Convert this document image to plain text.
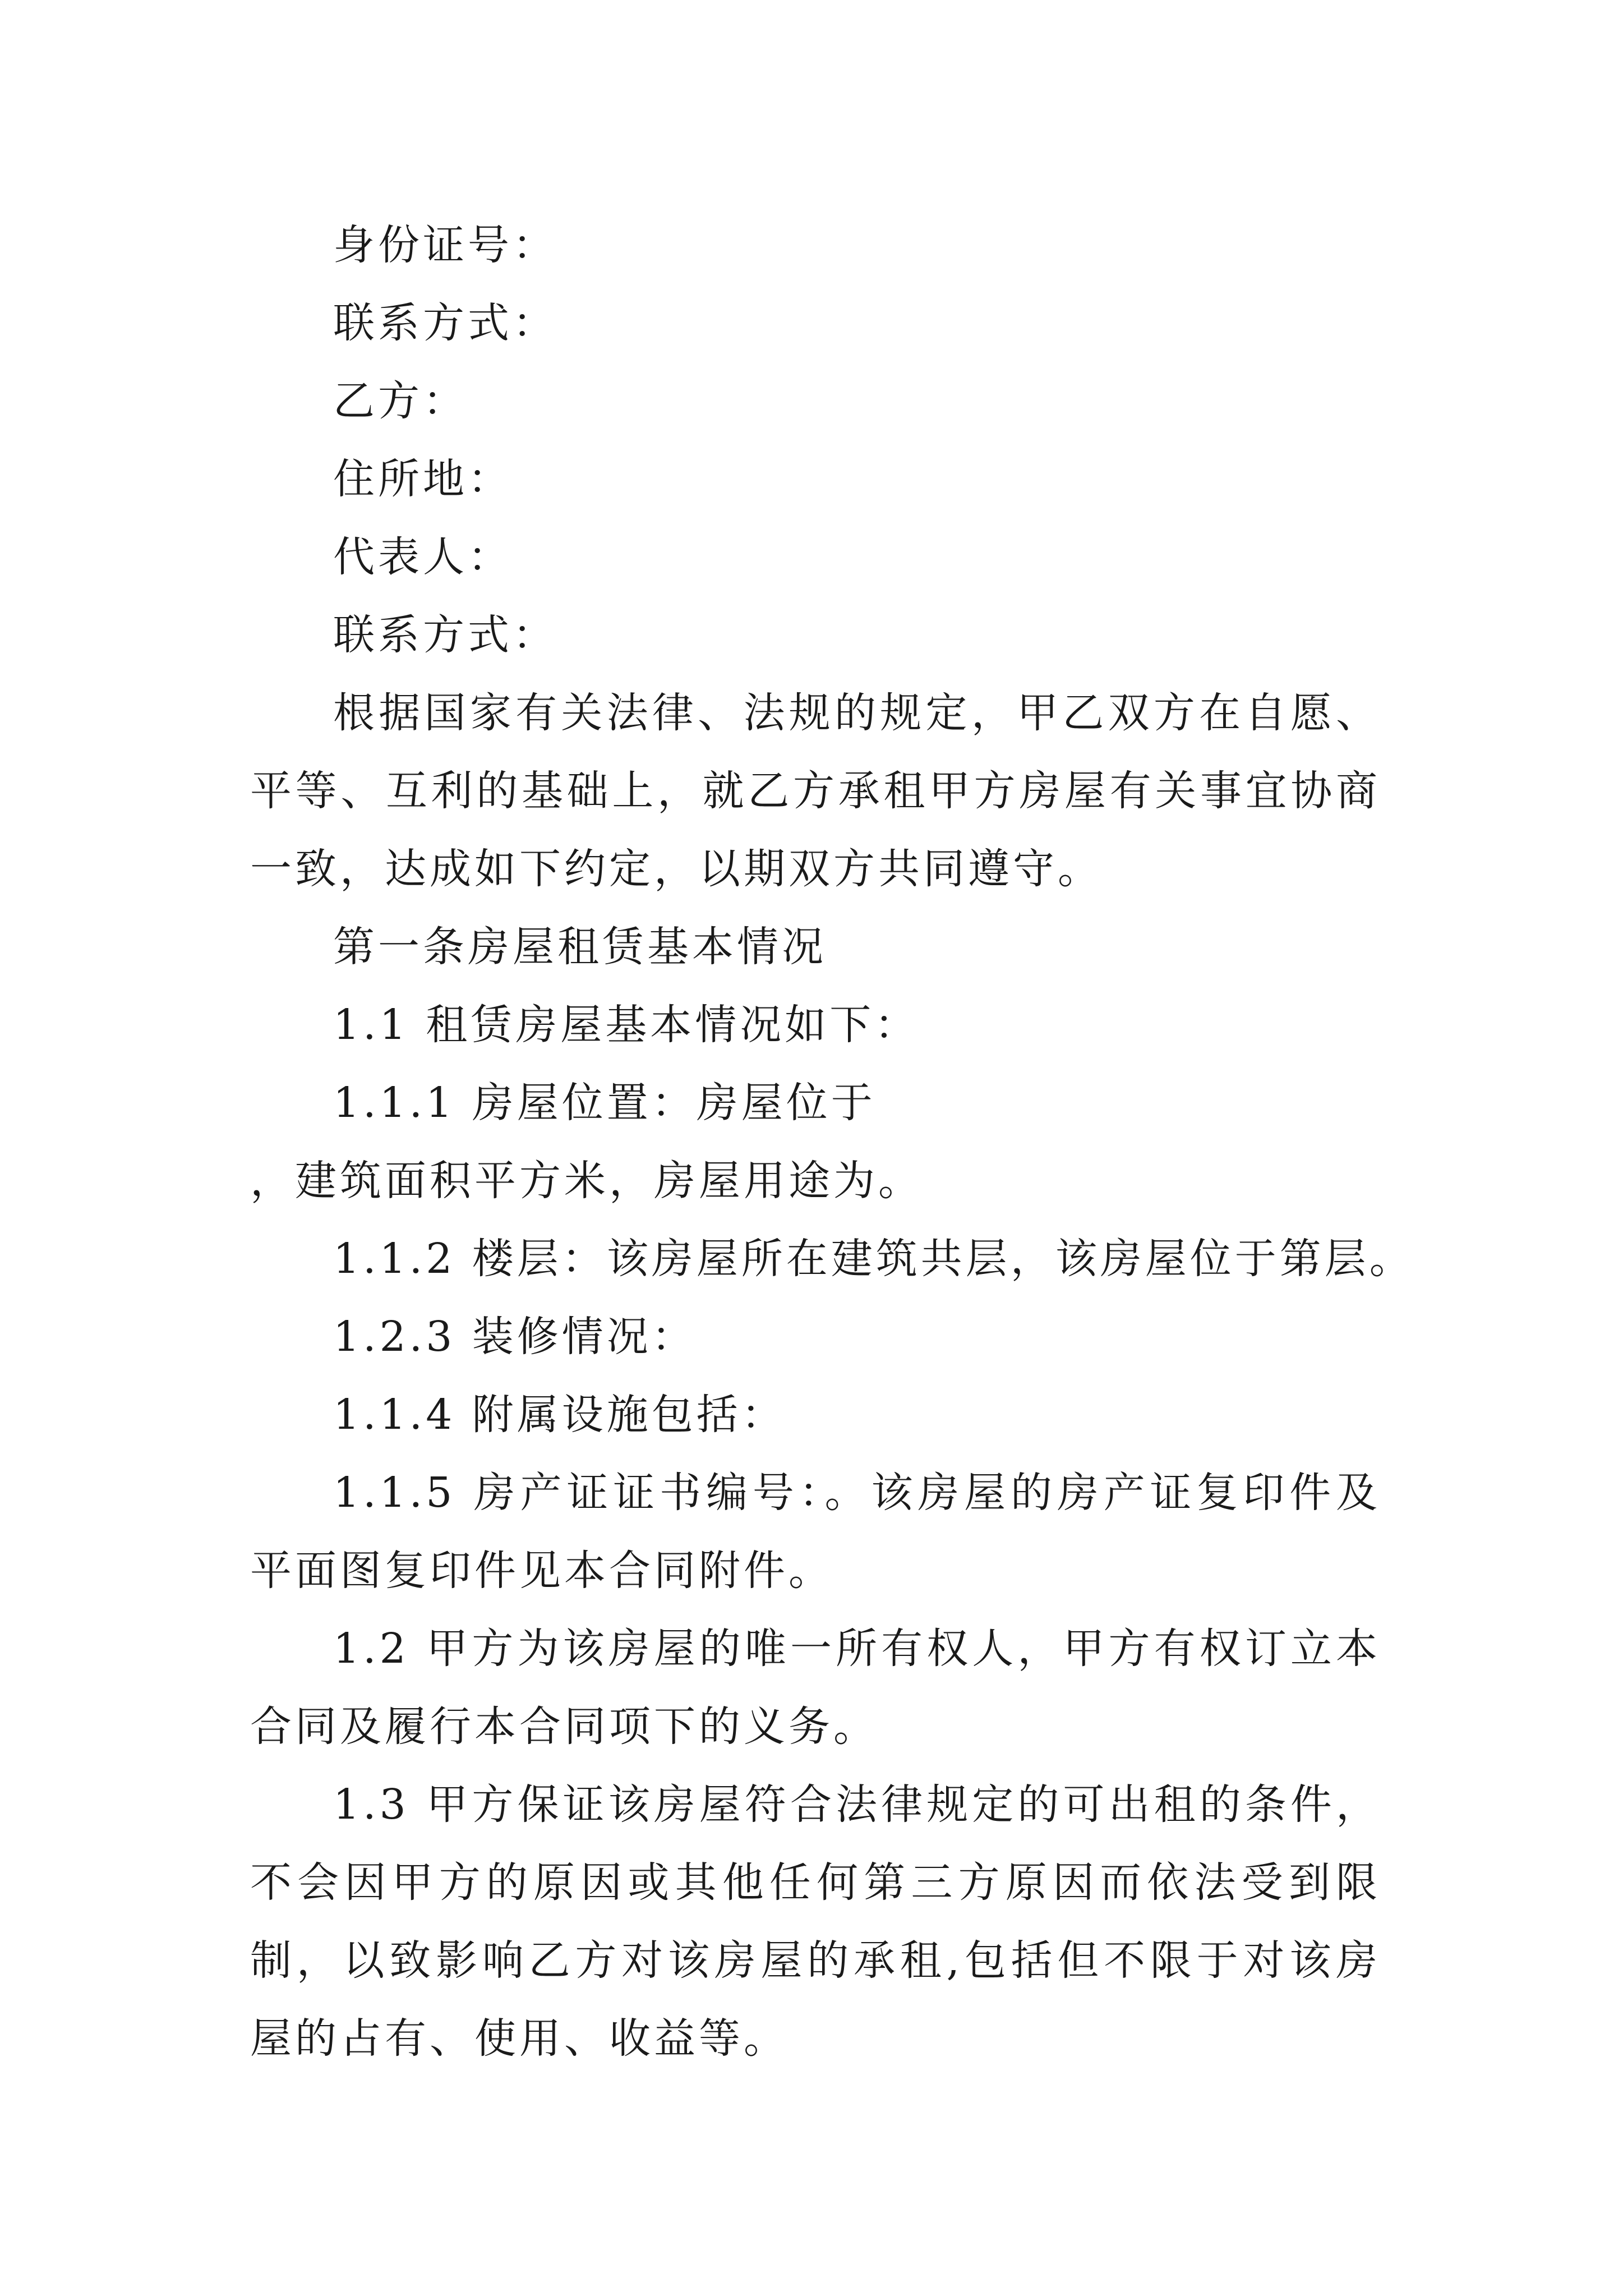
身份证号：
联系方式：
乙方：
住所地：
代表人：
联系方式：
根据国家有关法律、法规的规定，甲乙双方在自愿、平等、互利的基础上，就乙方承租甲方房屋有关事宜协商一致，达成如下约定，以期双方共同遵守。
第一条房屋租赁基本情况
1.1 租赁房屋基本情况如下：
1.1.1 房屋位置：房屋位于
，建筑面积平方米，房屋用途为。
1.1.2 楼层：该房屋所在建筑共层，该房屋位于第层。
1.2.3 装修情况：
1.1.4 附属设施包括：
1.1.5 房产证证书编号：。该房屋的房产证复印件及平面图复印件见本合同附件。
1.2 甲方为该房屋的唯一所有权人，甲方有权订立本合同及履行本合同项下的义务。
1.3 甲方保证该房屋符合法律规定的可出租的条件，不会因甲方的原因或其他任何第三方原因而依法受到限制，以致影响乙方对该房屋的承租,包括但不限于对该房屋的占有、使用、收益等。
